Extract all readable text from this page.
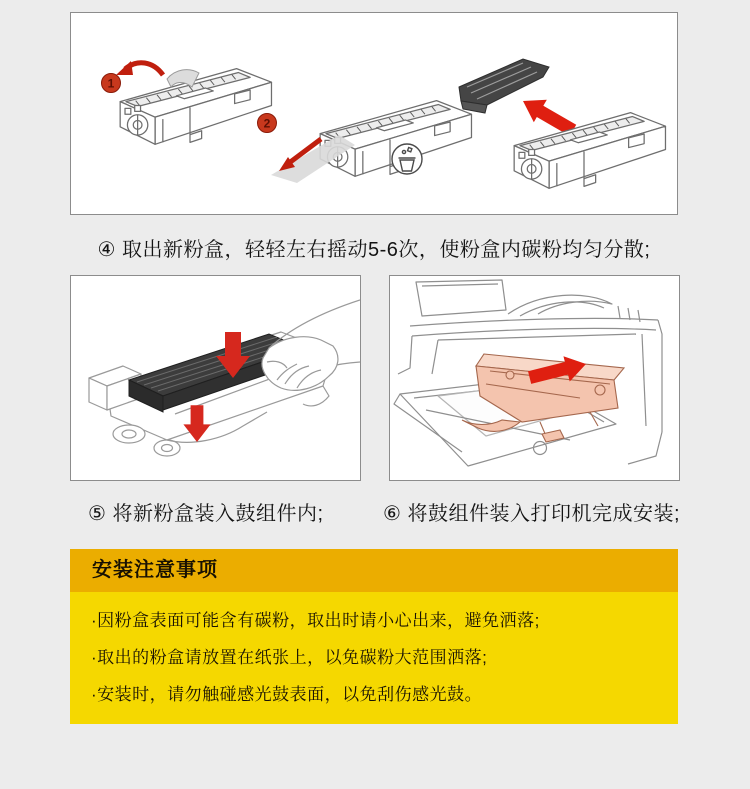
1
2
④ 取出新粉盒，轻轻左右摇动5-6次，使粉盒内碳粉均匀分散;
⑤ 将新粉盒装入鼓组件内;	⑥ 将鼓组件装入打印机完成安装;
安装注意事项
·因粉盒表面可能含有碳粉，取出时请小心出来，避免洒落;
·取出的粉盒请放置在纸张上，以免碳粉大范围洒落;
·安装时，请勿触碰感光鼓表面，以免刮伤感光鼓。
